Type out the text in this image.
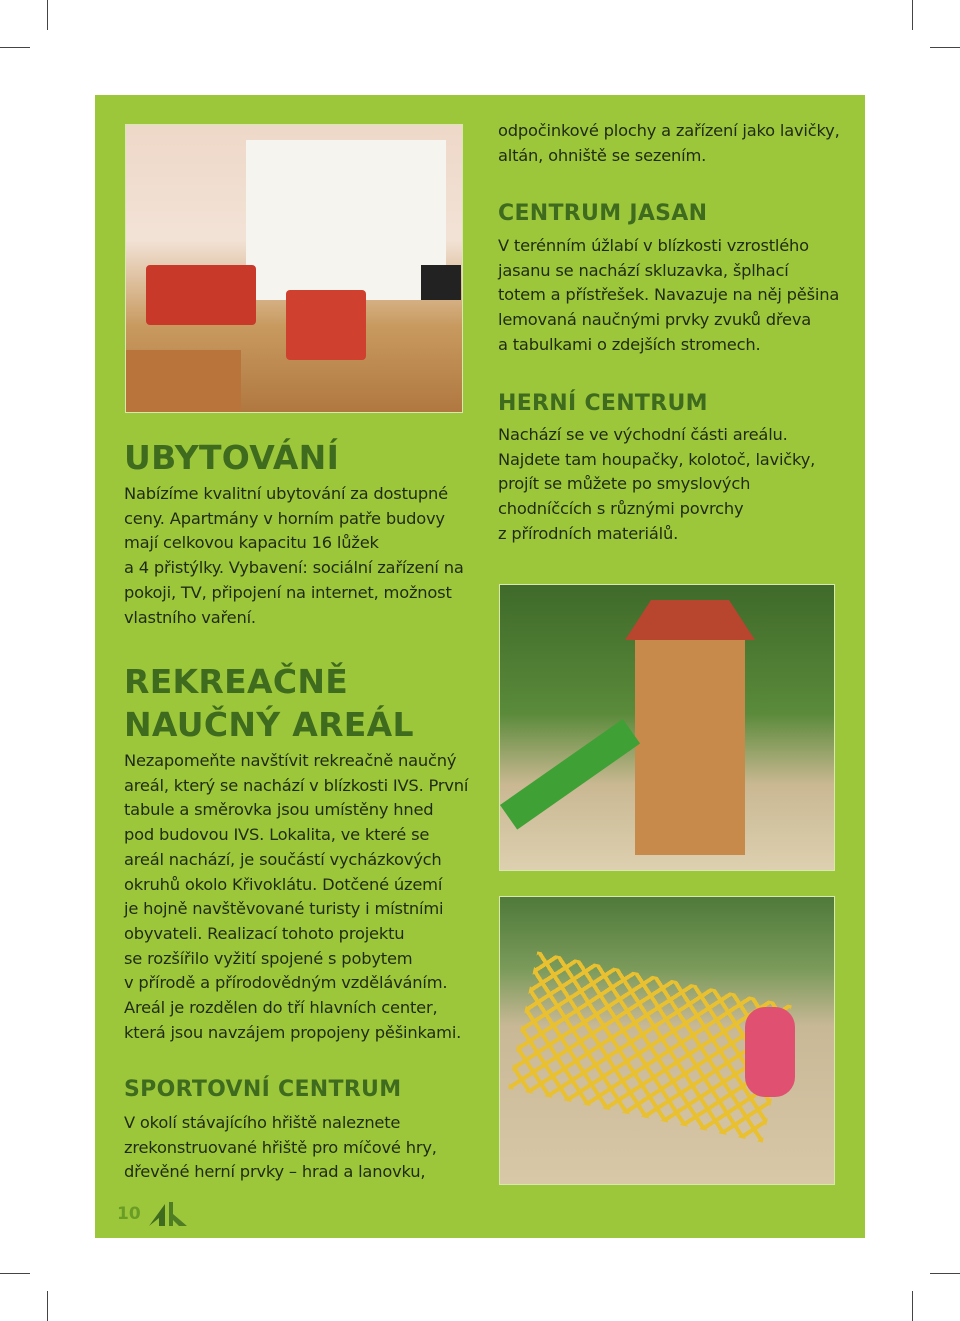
UBYTOVÁNÍ
Nabízíme kvalitní ubytování za dostupné
ceny. Apartmány v horním patře budovy
mají celkovou kapacitu 16 lůžek
a 4 přistýlky. Vybavení: sociální zařízení na
pokoji, TV, připojení na internet, možnost
vlastního vaření.
REKREAČNĚ
NAUČNÝ AREÁL
Nezapomeňte navštívit rekreačně naučný
areál, který se nachází v blízkosti IVS. První
tabule a směrovka jsou umístěny hned
pod budovou IVS. Lokalita, ve které se
areál nachází, je součástí vycházkových
okruhů okolo Křivoklátu. Dotčené území
je hojně navštěvované turisty i místními
obyvateli. Realizací tohoto projektu
se rozšířilo vyžití spojené s pobytem
v přírodě a přírodovědným vzděláváním.
Areál je rozdělen do tří hlavních center,
která jsou navzájem propojeny pěšinkami.
SPORTOVNÍ CENTRUM
V okolí stávajícího hřiště naleznete
zrekonstruované hřiště pro míčové hry,
dřevěné herní prvky – hrad a lanovku,
odpočinkové plochy a zařízení jako lavičky,
altán, ohniště se sezením.
CENTRUM JASAN
V terénním úžlabí v blízkosti vzrostlého
jasanu se nachází skluzavka, šplhací
totem a přístřešek. Navazuje na něj pěšina
lemovaná naučnými prvky zvuků dřeva
a tabulkami o zdejších stromech.
HERNÍ CENTRUM
Nachází se ve východní části areálu.
Najdete tam houpačky, kolotoč, lavičky,
projít se můžete po smyslových
chodníčcích s různými povrchy
z přírodních materiálů.
10
